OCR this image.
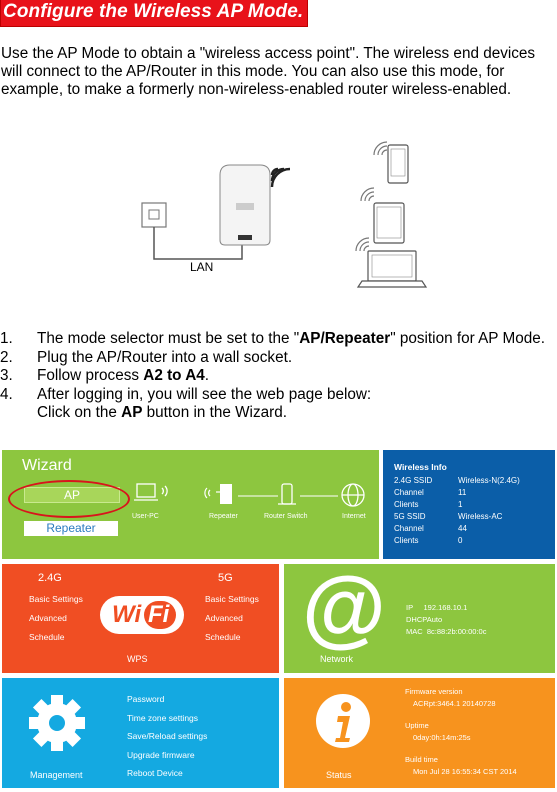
Configure the Wireless AP Mode.
Use the AP Mode to obtain a "wireless access point". The wireless end devices will connect to the AP/Router in this mode. You can also use this mode, for example, to make a formerly non-wireless-enabled router wireless-enabled.
LAN
1. The mode selector must be set to the "AP/Repeater" position for AP Mode.
2. Plug the AP/Router into a wall socket.
3. Follow process A2 to A4.
4. After logging in, you will see the web page below:
Click on the AP button in the Wizard.
Wizard
AP
Repeater
User-PC	Repeater	Router Switch	Internet
Wireless Info
2.4G SSID	Wireless-N(2.4G)
Channel	11
Clients	1
5G SSID	Wireless-AC
Channel	44
Clients	0
2.4G	5G
Basic Settings
Advanced
Schedule
Basic Settings
Advanced
Schedule
Wi Fi
WPS
@
Network
IP 192.168.10.1
DHCPAuto
MAC 8c:88:2b:00:00:0c
Management
Password
Time zone settings
Save/Reload settings
Upgrade firmware
Reboot Device	Status
Firmware version
ACRpt:3464.1 20140728
Uptime
0day:0h:14m:25s
Build time
Mon Jul 28 16:55:34 CST 2014
